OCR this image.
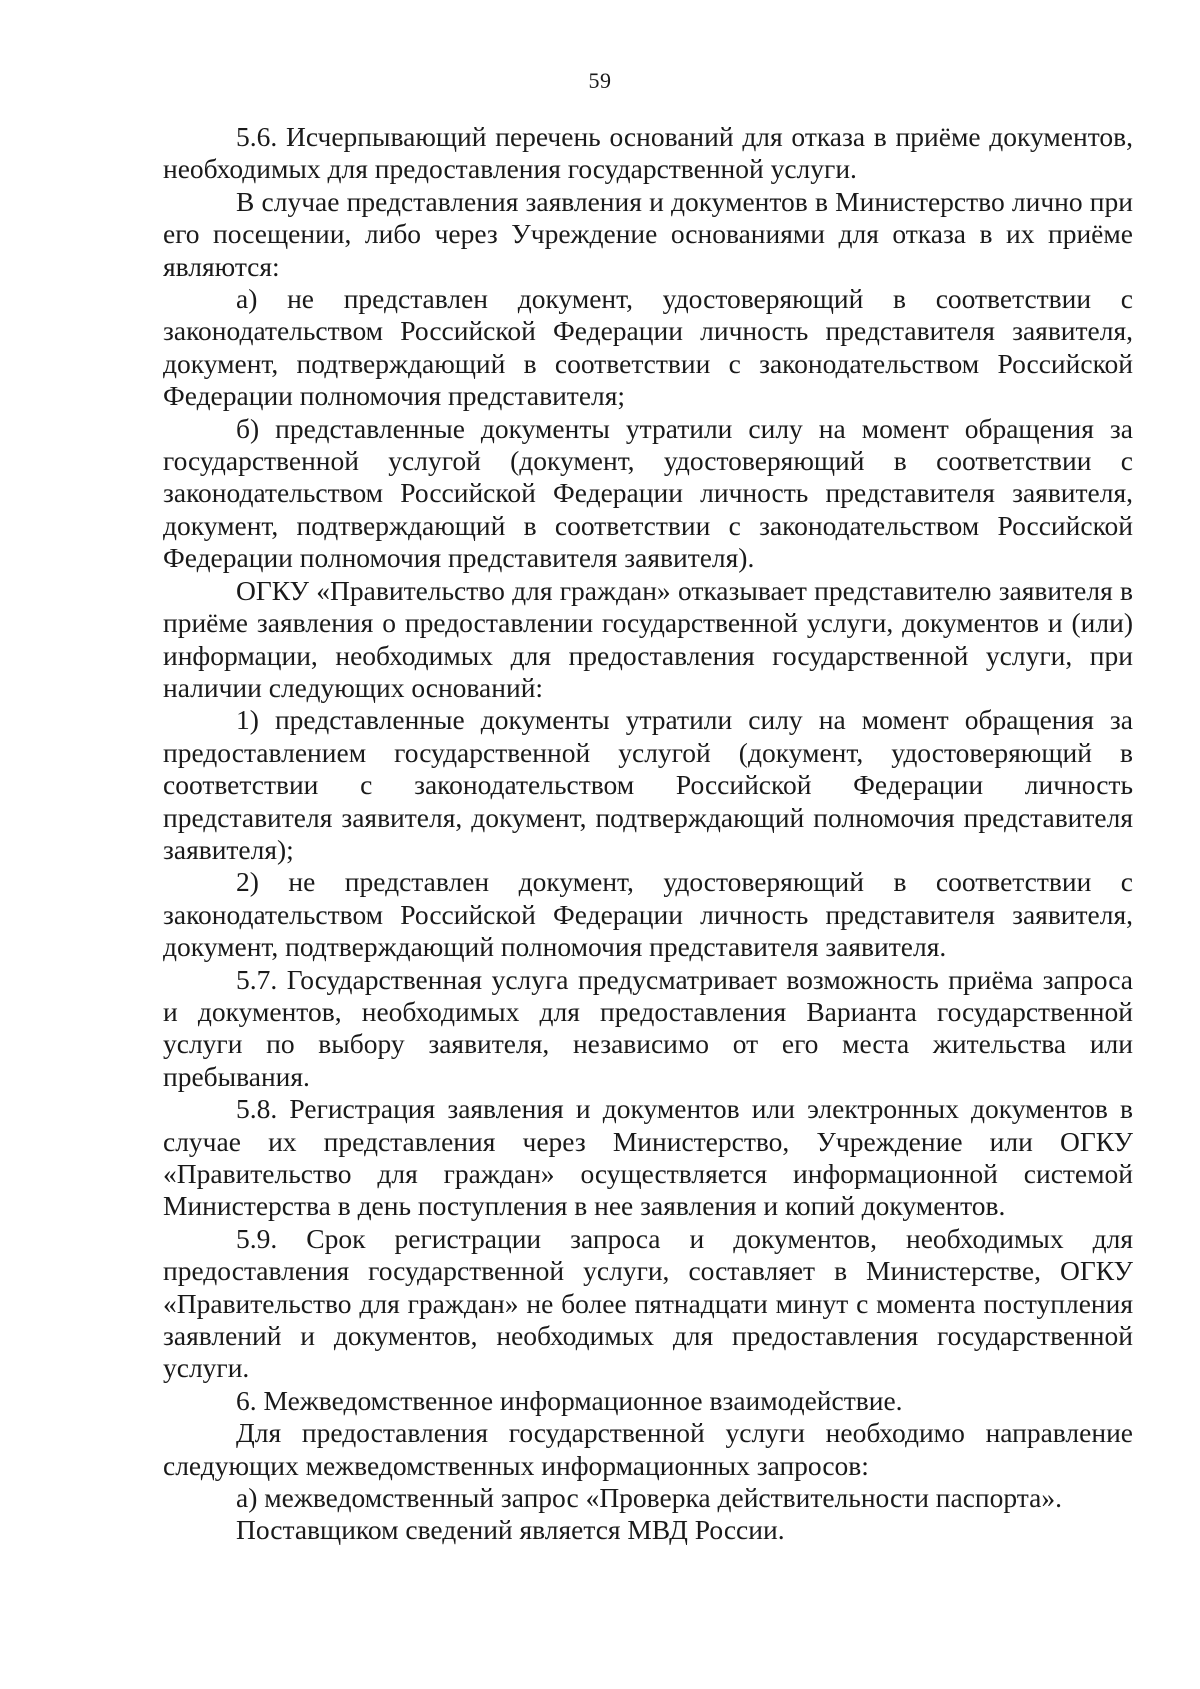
59

5.6. Исчерпывающий перечень оснований для отказа в приёме документов, необходимых для предоставления государственной услуги.

В случае представления заявления и документов в Министерство лично при его посещении, либо через Учреждение основаниями для отказа в их приёме являются:

а) не представлен документ, удостоверяющий в соответствии с законодательством Российской Федерации личность представителя заявителя, документ, подтверждающий в соответствии с законодательством Российской Федерации полномочия представителя;

б) представленные документы утратили силу на момент обращения за государственной услугой (документ, удостоверяющий в соответствии с законодательством Российской Федерации личность представителя заявителя, документ, подтверждающий в соответствии с законодательством Российской Федерации полномочия представителя заявителя).

ОГКУ «Правительство для граждан» отказывает представителю заявителя в приёме заявления о предоставлении государственной услуги, документов и (или) информации, необходимых для предоставления государственной услуги, при наличии следующих оснований:

1) представленные документы утратили силу на момент обращения за предоставлением государственной услугой (документ, удостоверяющий в соответствии с законодательством Российской Федерации личность представителя заявителя, документ, подтверждающий полномочия представителя заявителя);

2) не представлен документ, удостоверяющий в соответствии с законодательством Российской Федерации личность представителя заявителя, документ, подтверждающий полномочия представителя заявителя.

5.7. Государственная услуга предусматривает возможность приёма запроса и документов, необходимых для предоставления Варианта государственной услуги по выбору заявителя, независимо от его места жительства или пребывания.

5.8. Регистрация заявления и документов или электронных документов в случае их представления через Министерство, Учреждение или ОГКУ «Правительство для граждан» осуществляется информационной системой Министерства в день поступления в нее заявления и копий документов.

5.9. Срок регистрации запроса и документов, необходимых для предоставления государственной услуги, составляет в Министерстве, ОГКУ «Правительство для граждан» не более пятнадцати минут с момента поступления заявлений и документов, необходимых для предоставления государственной услуги.

6. Межведомственное информационное взаимодействие.

Для предоставления государственной услуги необходимо направление следующих межведомственных информационных запросов:

а) межведомственный запрос «Проверка действительности паспорта».

Поставщиком сведений является МВД России.
